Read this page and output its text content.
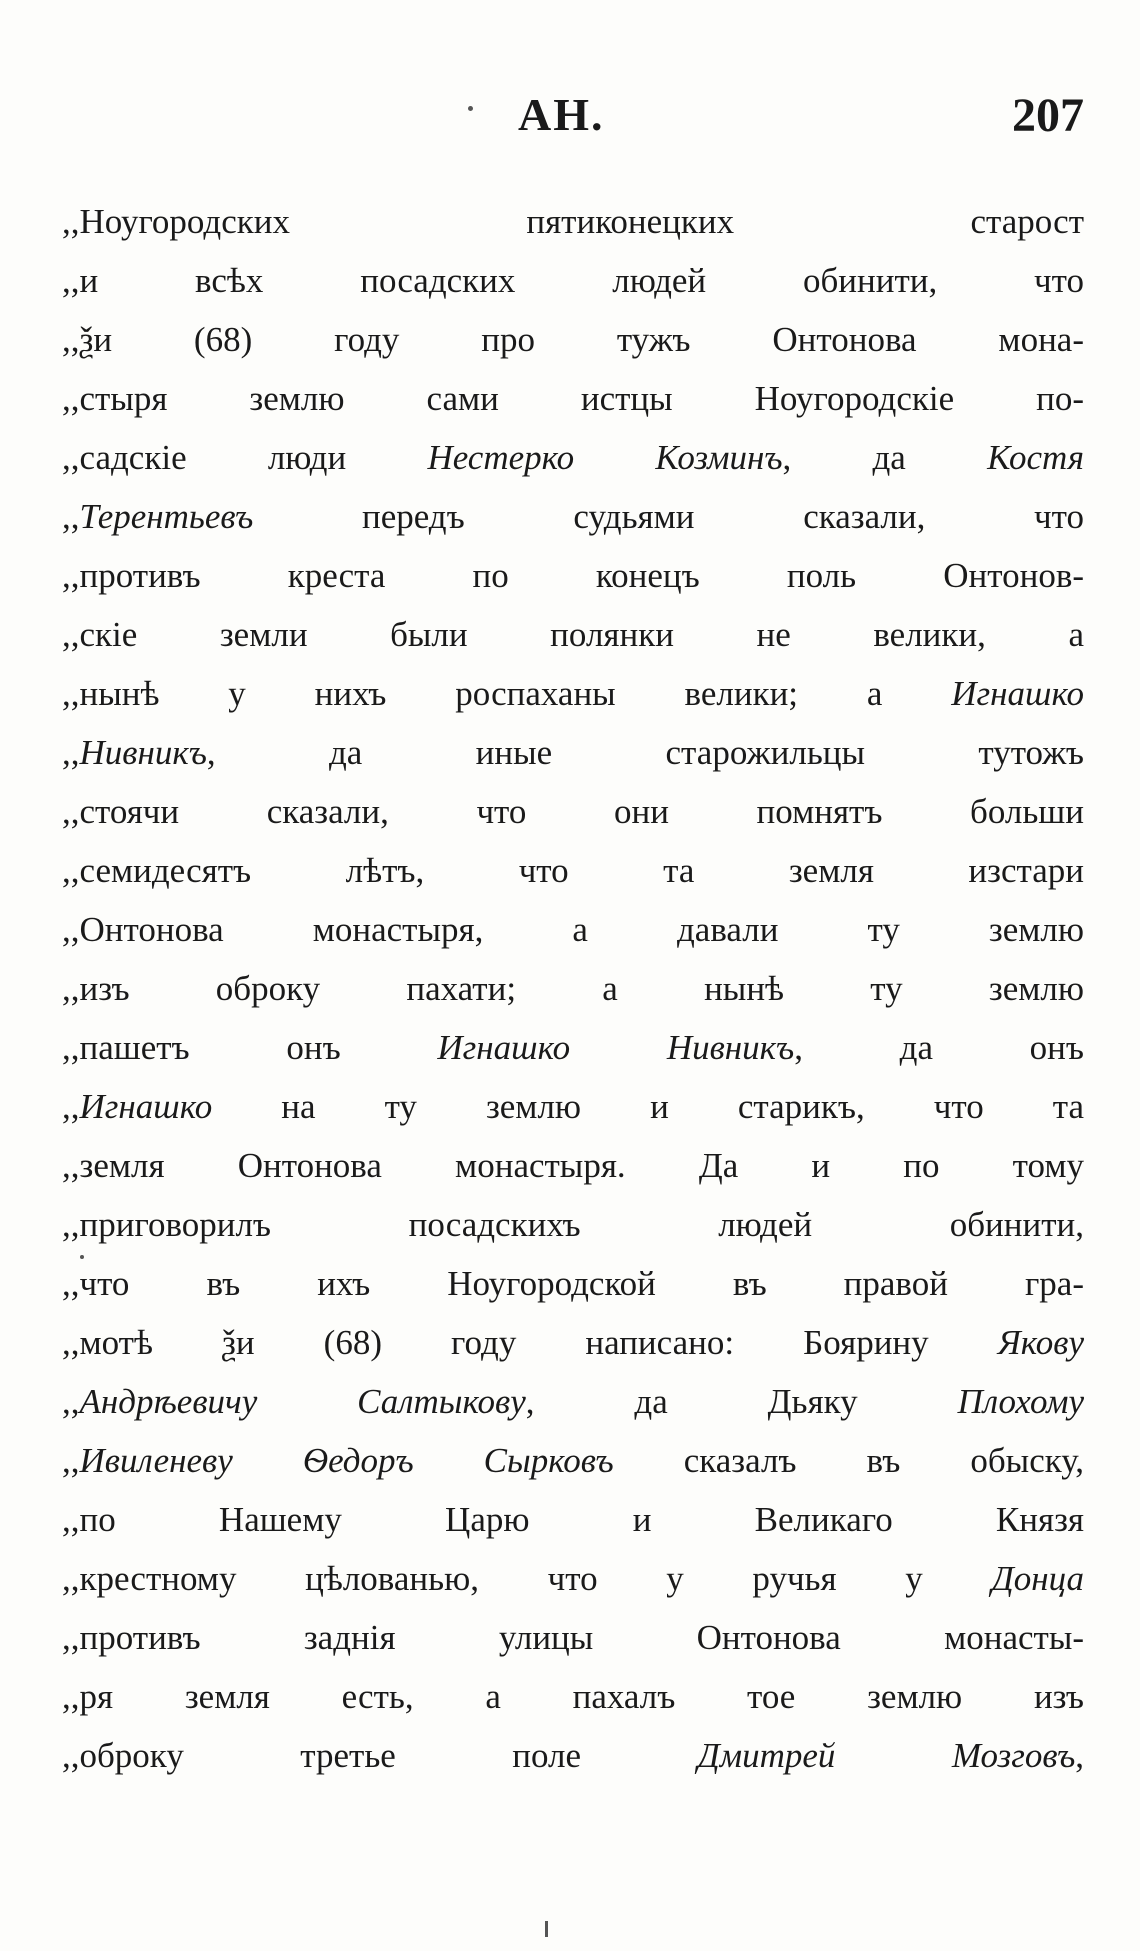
АН.	207
,,Ноугородских пятиконецких старост
,,и всѣх посадских людей обинити, что
,,ѯи (68) году про тужъ Онтонова мона-
,,стыря землю сами истцы Ноугородскіе по-
,,садскіе люди Нестерко Козминъ, да Костя
,,Терентьевъ передъ судьями сказали, что
,,противъ креста по конецъ поль Онтонов-
,,скіе земли были полянки не велики, а
,,нынѣ у нихъ роспаханы велики; а Игнашко
,,Нивникъ, да иные старожильцы тутожъ
,,стоячи сказали, что они помнятъ больши
,,семидесятъ лѣтъ, что та земля изстари
,,Онтонова монастыря, а давали ту землю
,,изъ оброку пахати; а нынѣ ту землю
,,пашетъ онъ Игнашко Нивникъ, да онъ
,,Игнашко на ту землю и старикъ, что та
,,земля Онтонова монастыря. Да и по тому
,,приговорилъ посадскихъ людей обинити,
,,что въ ихъ Ноугородской въ правой гра-
,,мотѣ ѯи (68) году написано: Боярину Якову
,,Андрѣевичу Салтыкову, да Дьяку Плохому
,,Ивиленеву Ѳедоръ Сырковъ сказалъ въ обыску,
,,по Нашему Царю и Великаго Князя
,,крестному цѣлованью, что у ручья у Донца
,,противъ заднія улицы Онтонова монасты-
,,ря земля есть, а пахалъ тое землю изъ
,,оброку третье поле Дмитрей Мозговъ,
